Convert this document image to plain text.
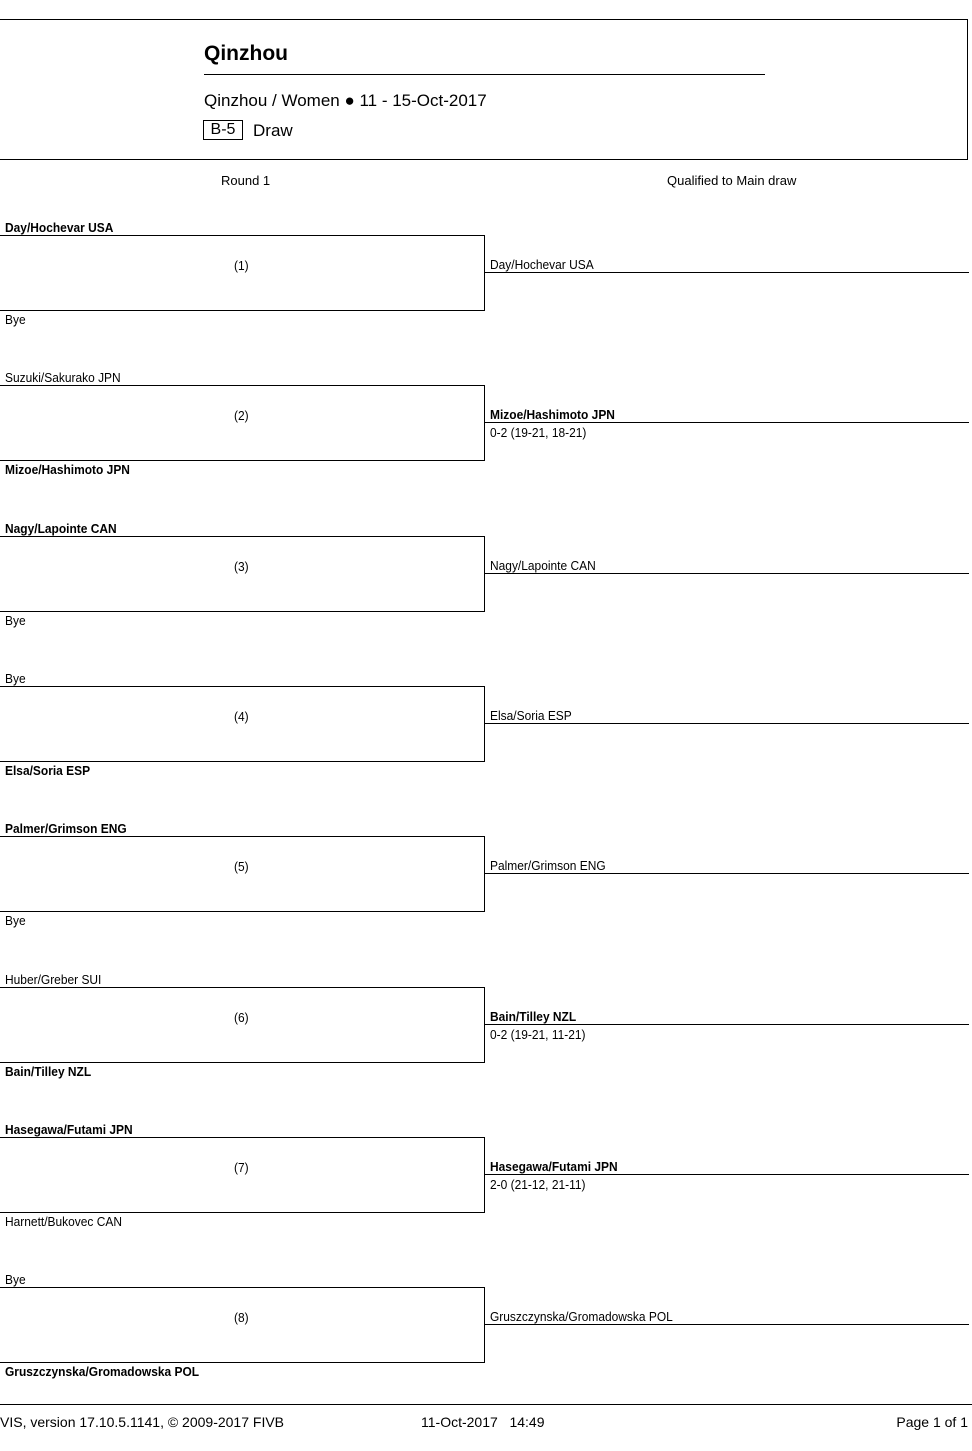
Qinzhou
Qinzhou / Women ● 11 - 15-Oct-2017
B-5	Draw
Round 1	Qualified to Main draw
Day/Hochevar USA
(1)
Bye
Day/Hochevar USA
Suzuki/Sakurako JPN
(2)
Mizoe/Hashimoto JPN
Mizoe/Hashimoto JPN
0-2 (19-21, 18-21)
Nagy/Lapointe CAN
(3)
Bye
Nagy/Lapointe CAN
Bye
(4)
Elsa/Soria ESP
Elsa/Soria ESP
Palmer/Grimson ENG
(5)
Bye
Palmer/Grimson ENG
Huber/Greber SUI
(6)
Bain/Tilley NZL
Bain/Tilley NZL
0-2 (19-21, 11-21)
Hasegawa/Futami JPN
(7)
Harnett/Bukovec CAN
Hasegawa/Futami JPN
2-0 (21-12, 21-11)
Bye
(8)
Gruszczynska/Gromadowska POL
Gruszczynska/Gromadowska POL
VIS, version 17.10.5.1141, © 2009-2017 FIVB	11-Oct-2017   14:49	Page 1 of 1
